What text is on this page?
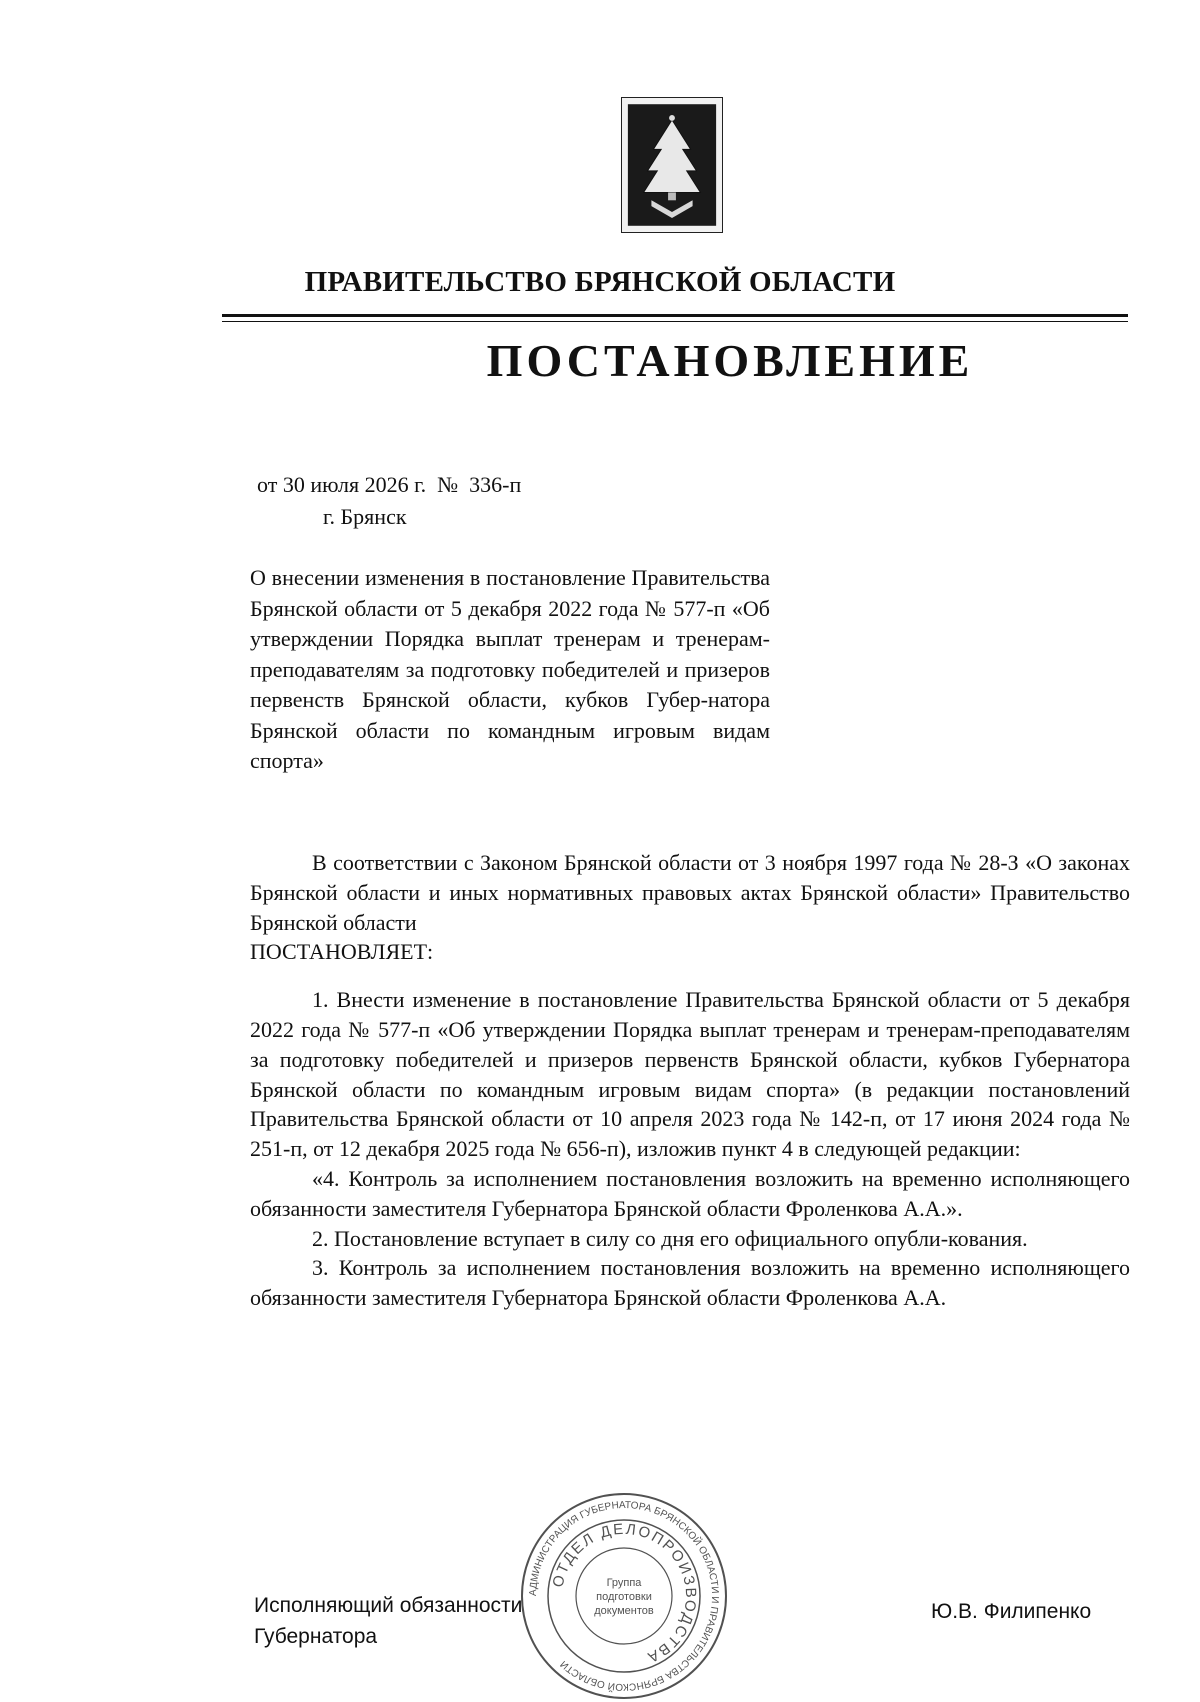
ПРАВИТЕЛЬСТВО БРЯНСКОЙ ОБЛАСТИ
ПОСТАНОВЛЕНИЕ
от 30 июля 2026 г.  №  336-п
г. Брянск
О внесении изменения в постановление Правительства Брянской области от 5 декабря 2022 года № 577-п «Об утверждении Порядка выплат тренерам и тренерам-преподавателям за подготовку победителей и призеров первенств Брянской области, кубков Губер-натора Брянской области по командным игровым видам спорта»

В соответствии с Законом Брянской области от 3 ноября 1997 года № 28-З «О законах Брянской области и иных нормативных правовых актах Брянской области» Правительство Брянской области

ПОСТАНОВЛЯЕТ:

1. Внести изменение в постановление Правительства Брянской области от 5 декабря 2022 года № 577-п «Об утверждении Порядка выплат тренерам и тренерам-преподавателям за подготовку победителей и призеров первенств Брянской области, кубков Губернатора Брянской области по командным игровым видам спорта» (в редакции постановлений Правительства Брянской области от 10 апреля 2023 года № 142-п, от 17 июня 2024 года № 251-п, от 12 декабря 2025 года № 656-п), изложив пункт 4 в следующей редакции:

«4. Контроль за исполнением постановления возложить на временно исполняющего обязанности заместителя Губернатора Брянской области Фроленкова А.А.».

2. Постановление вступает в силу со дня его официального опубли-кования.

3. Контроль за исполнением постановления возложить на временно исполняющего обязанности заместителя Губернатора Брянской области Фроленкова А.А.

Исполняющий обязанности
Губернатора
Ю.В. Филипенко
АДМИНИСТРАЦИЯ ГУБЕРНАТОРА БРЯНСКОЙ ОБЛАСТИ И ПРАВИТЕЛЬСТВА БРЯНСКОЙ ОБЛАСТИ
ОТДЕЛ ДЕЛОПРОИЗВОДСТВА
Группа
подготовки
документов
